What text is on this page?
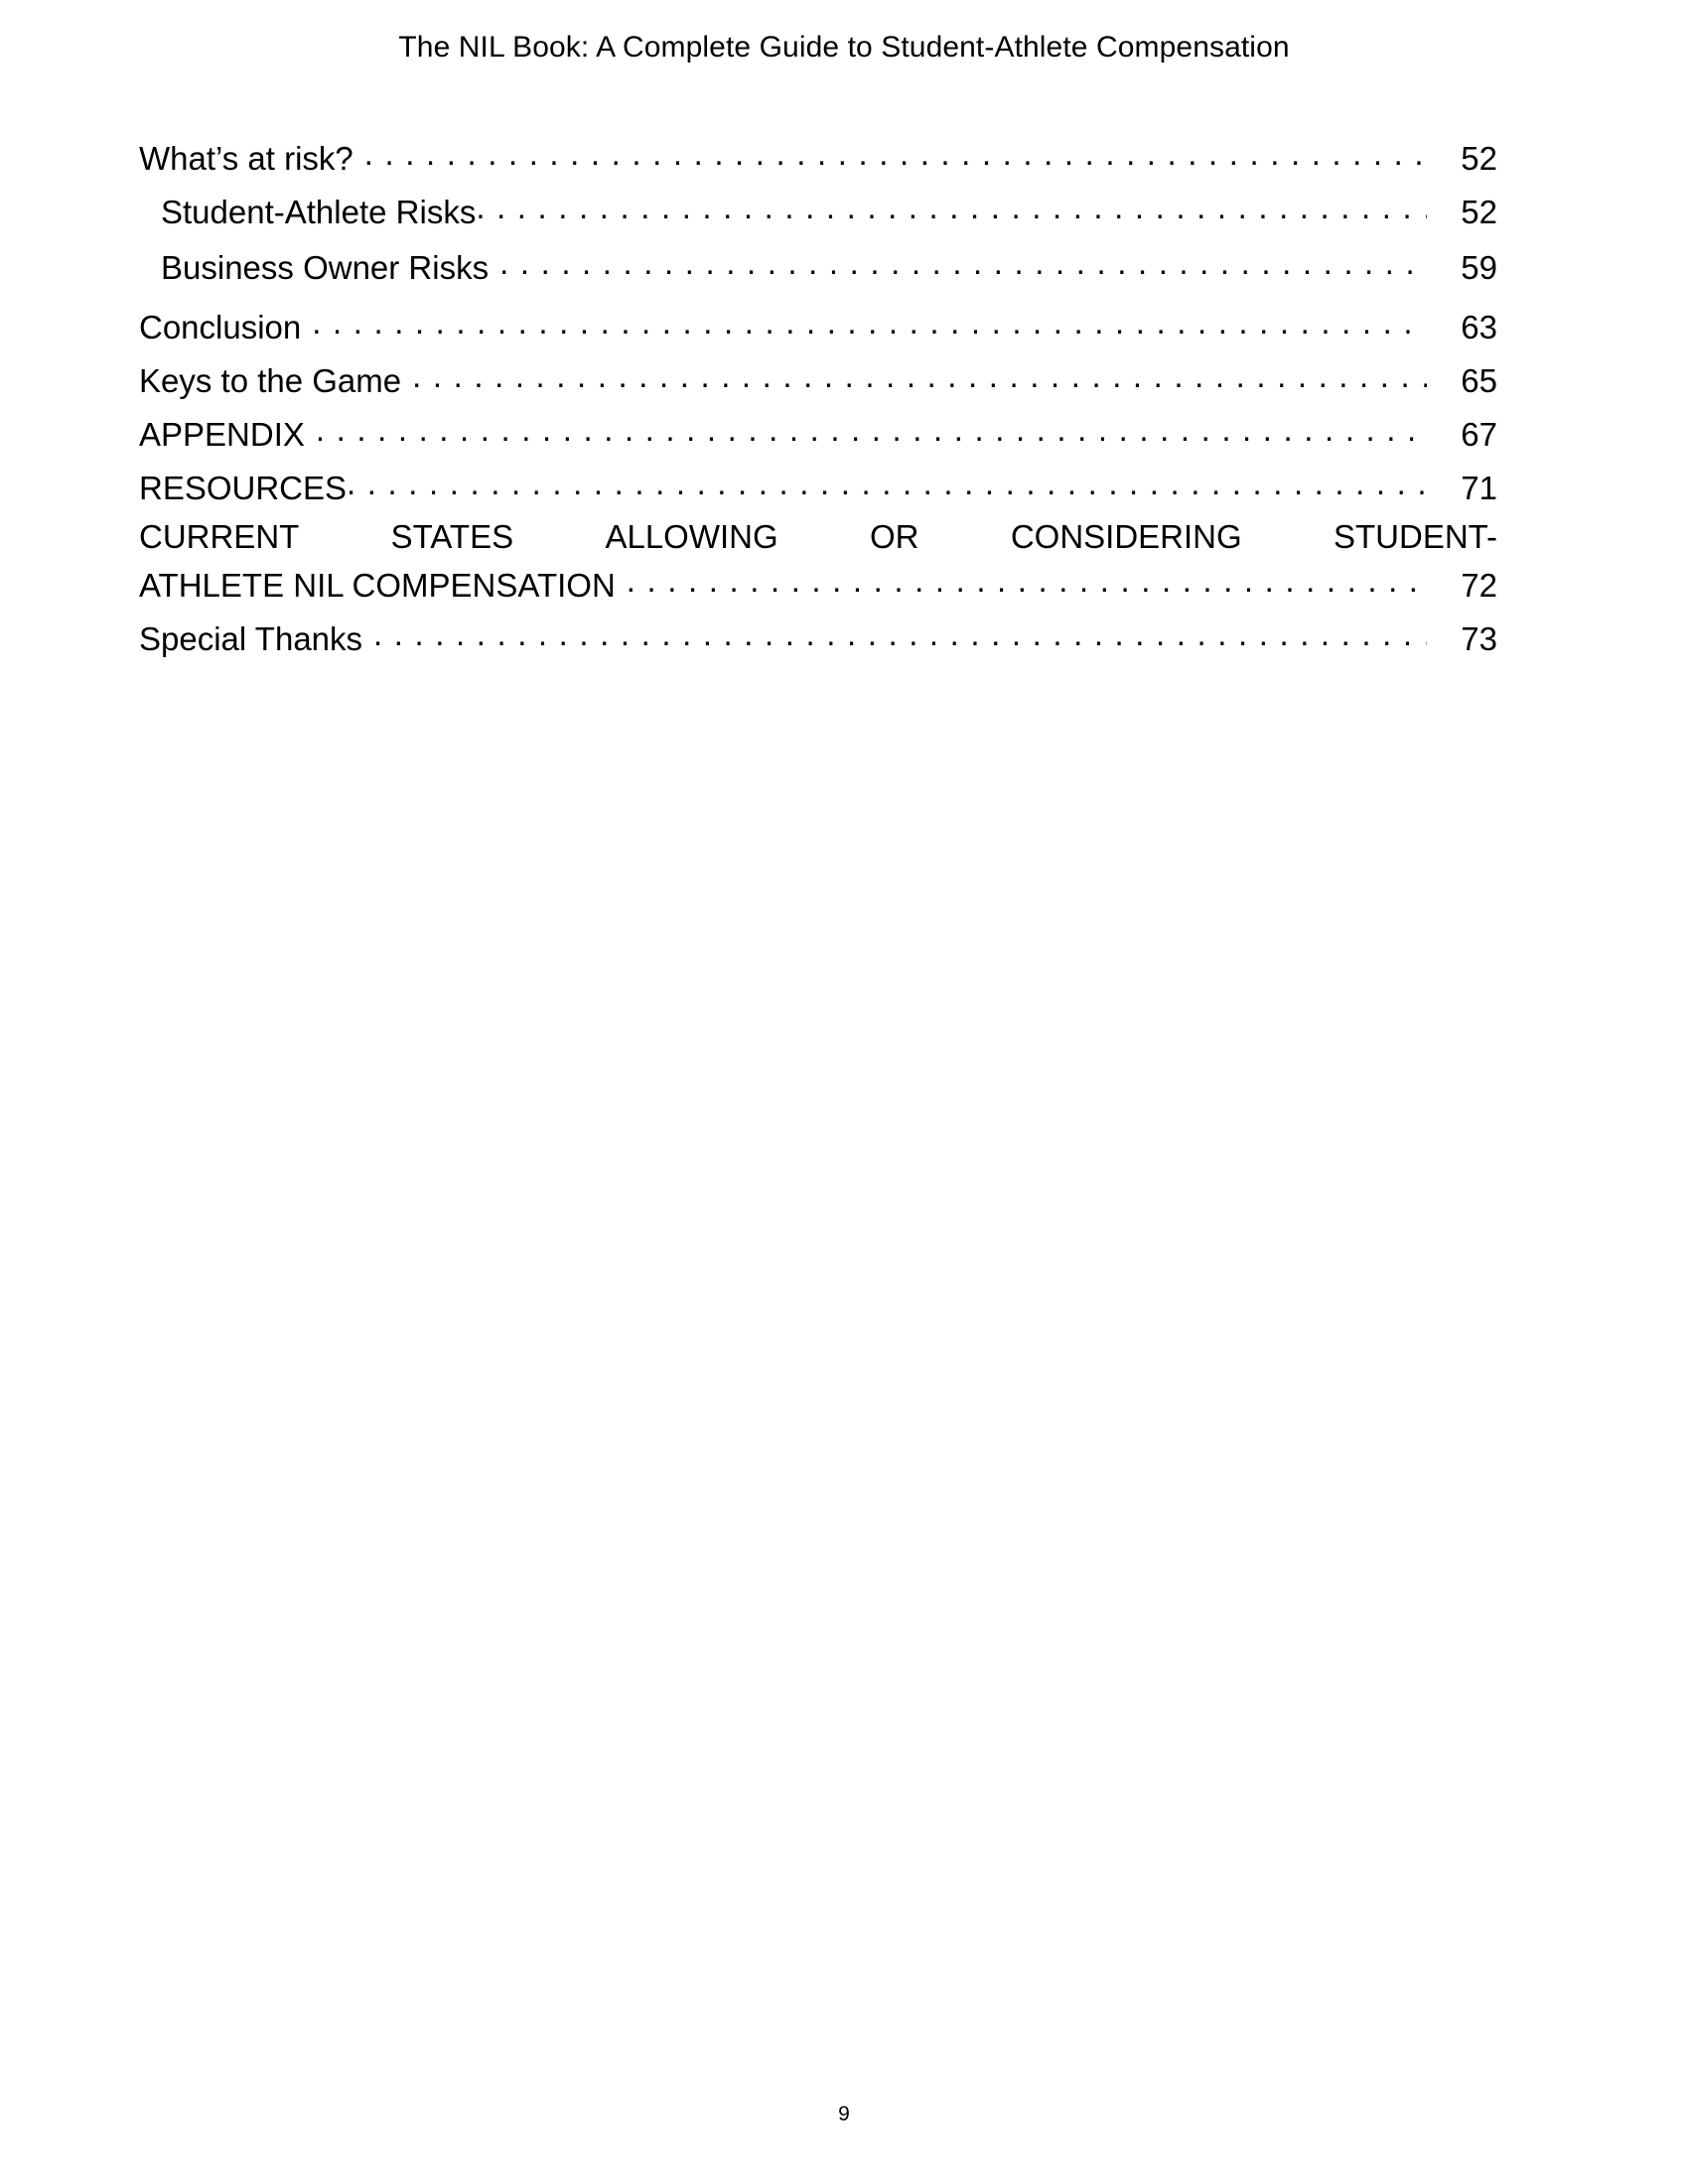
The NIL Book: A Complete Guide to Student-Athlete Compensation
What’s at risk? . . .	52
Student-Athlete Risks . . .	52
Business Owner Risks . . .	59
Conclusion . . .	63
Keys to the Game . . .	65
APPENDIX . . .	67
RESOURCES . . .	71
CURRENT	STATES	ALLOWING	OR	CONSIDERING	STUDENT-
ATHLETE NIL COMPENSATION . . .	72
Special Thanks . . .	73
9
